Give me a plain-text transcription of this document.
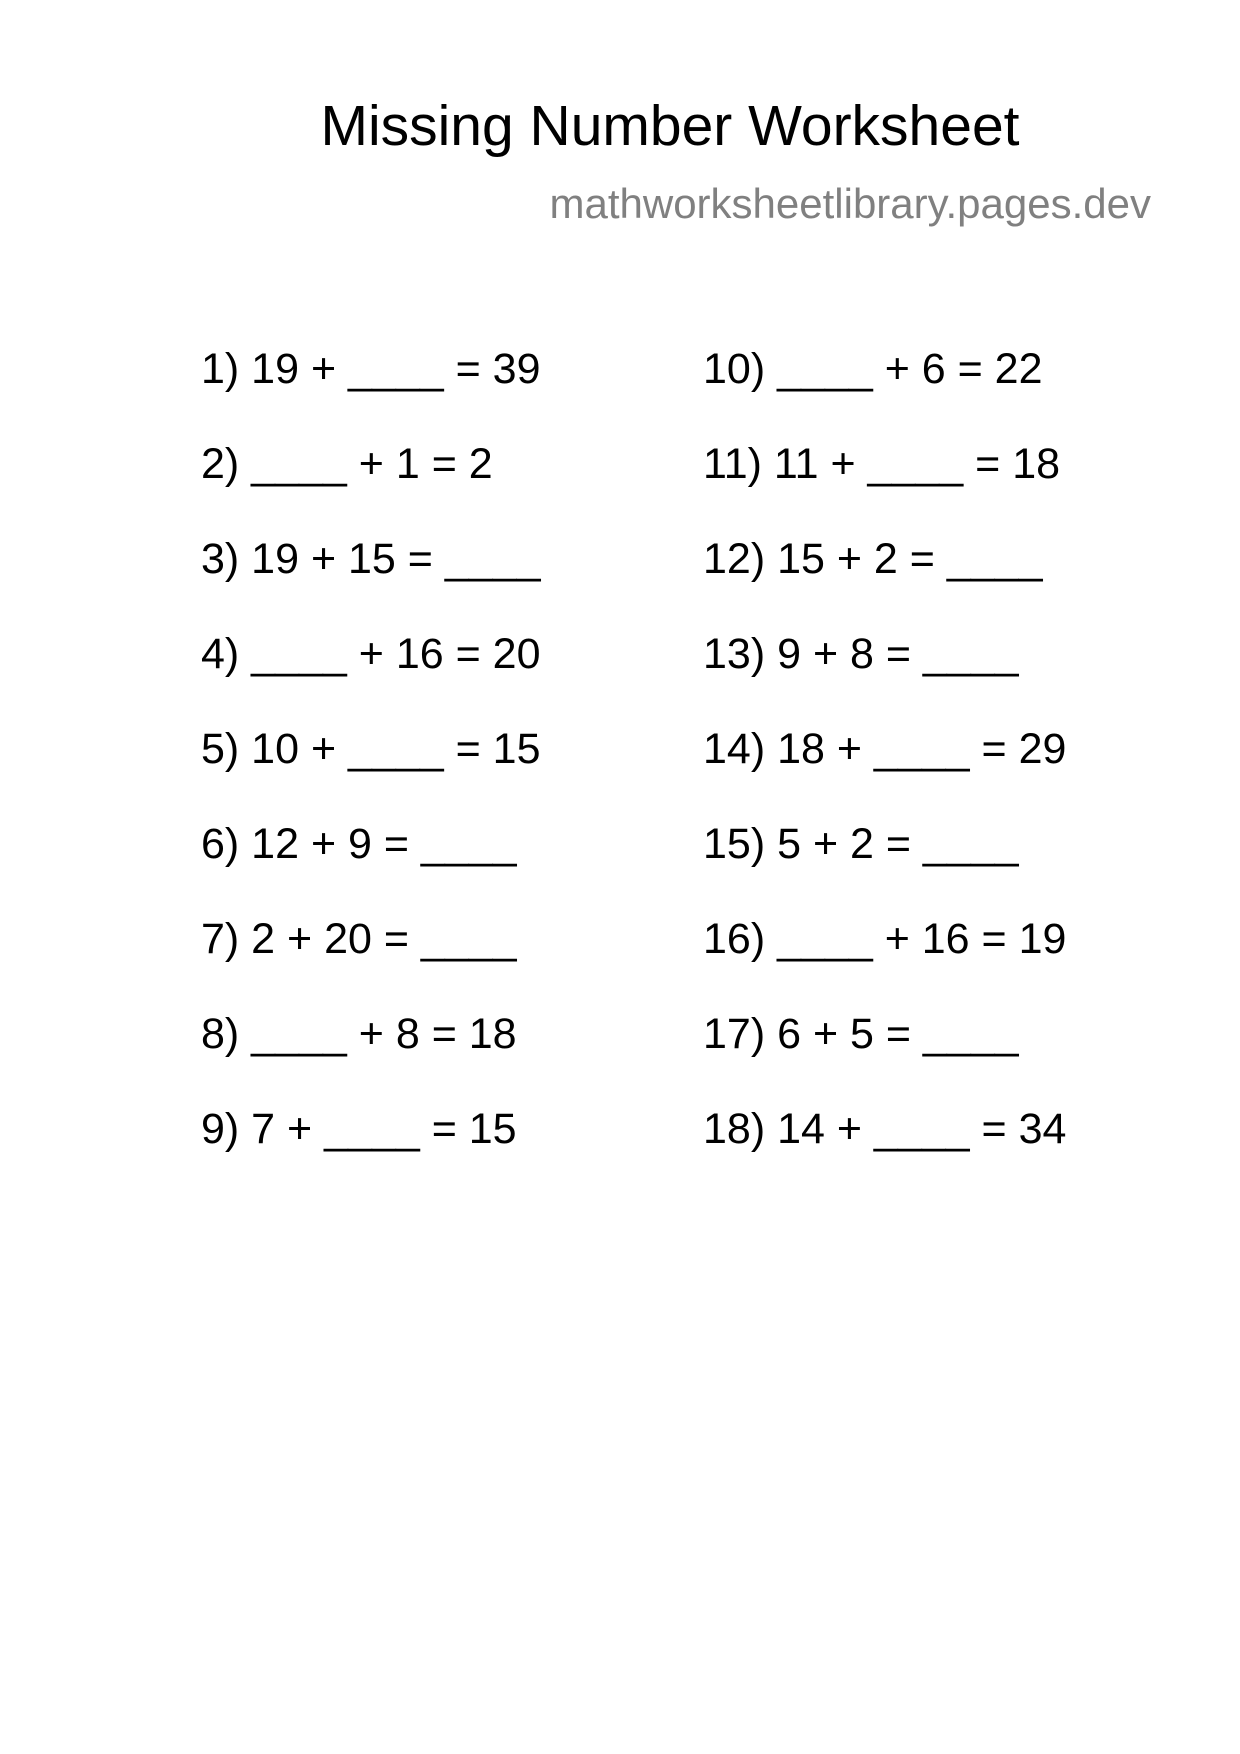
Missing Number Worksheet
mathworksheetlibrary.pages.dev
1) 19 + ____ = 39
2) ____ + 1 = 2
3) 19 + 15 = ____
4) ____ + 16 = 20
5) 10 + ____ = 15
6) 12 + 9 = ____
7) 2 + 20 = ____
8) ____ + 8 = 18
9) 7 + ____ = 15
10) ____ + 6 = 22
11) 11 + ____ = 18
12) 15 + 2 = ____
13) 9 + 8 = ____
14) 18 + ____ = 29
15) 5 + 2 = ____
16) ____ + 16 = 19
17) 6 + 5 = ____
18) 14 + ____ = 34
